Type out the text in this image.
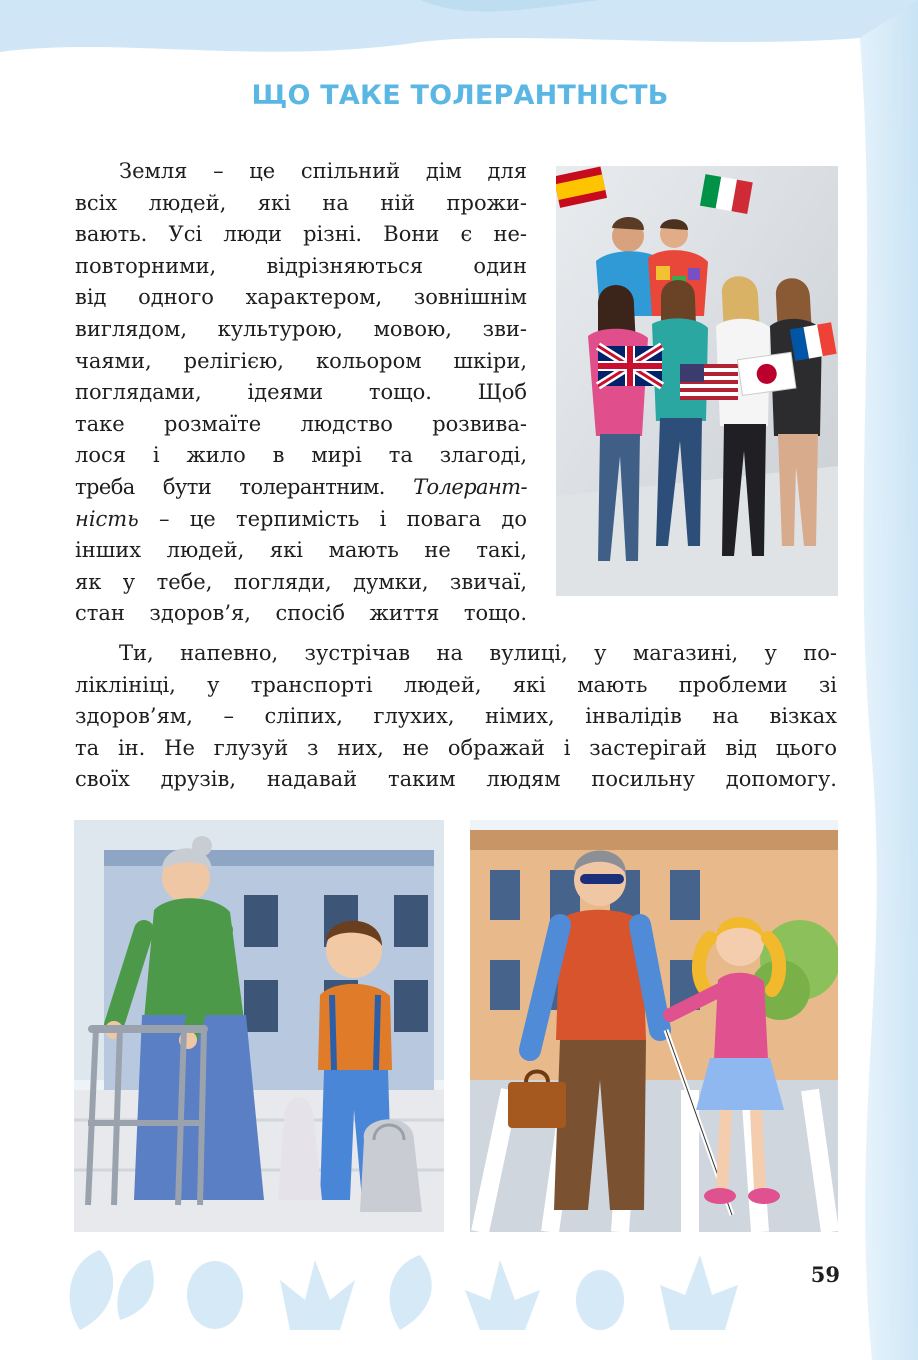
ЩО ТАКЕ ТОЛЕРАНТНІСТЬ

Земля – це спільний дім для
всіх людей, які на ній прожи-
вають. Усі люди різні. Вони є не-
повторними, відрізняються один
від одного характером, зовнішнім
виглядом, культурою, мовою, зви-
чаями, релігією, кольором шкіри,
поглядами, ідеями тощо. Щоб
таке розмаїте людство розвива-
лося і жило в мирі та злагоді,
треба бути толерантним. Толерант-
ність – це терпимість і повага до
інших людей, які мають не такі,
як у тебе, погляди, думки, звичаї,
стан здоров’я, спосіб життя тощо.

Ти, напевно, зустрічав на вулиці, у магазині, у по-
ліклініці, у транспорті людей, які мають проблеми зі
здоров’ям, – сліпих, глухих, німих, інвалідів на візках
та ін. Не глузуй з них, не ображай і застерігай від цього
своїх друзів, надавай таким людям посильну допомогу.

59
